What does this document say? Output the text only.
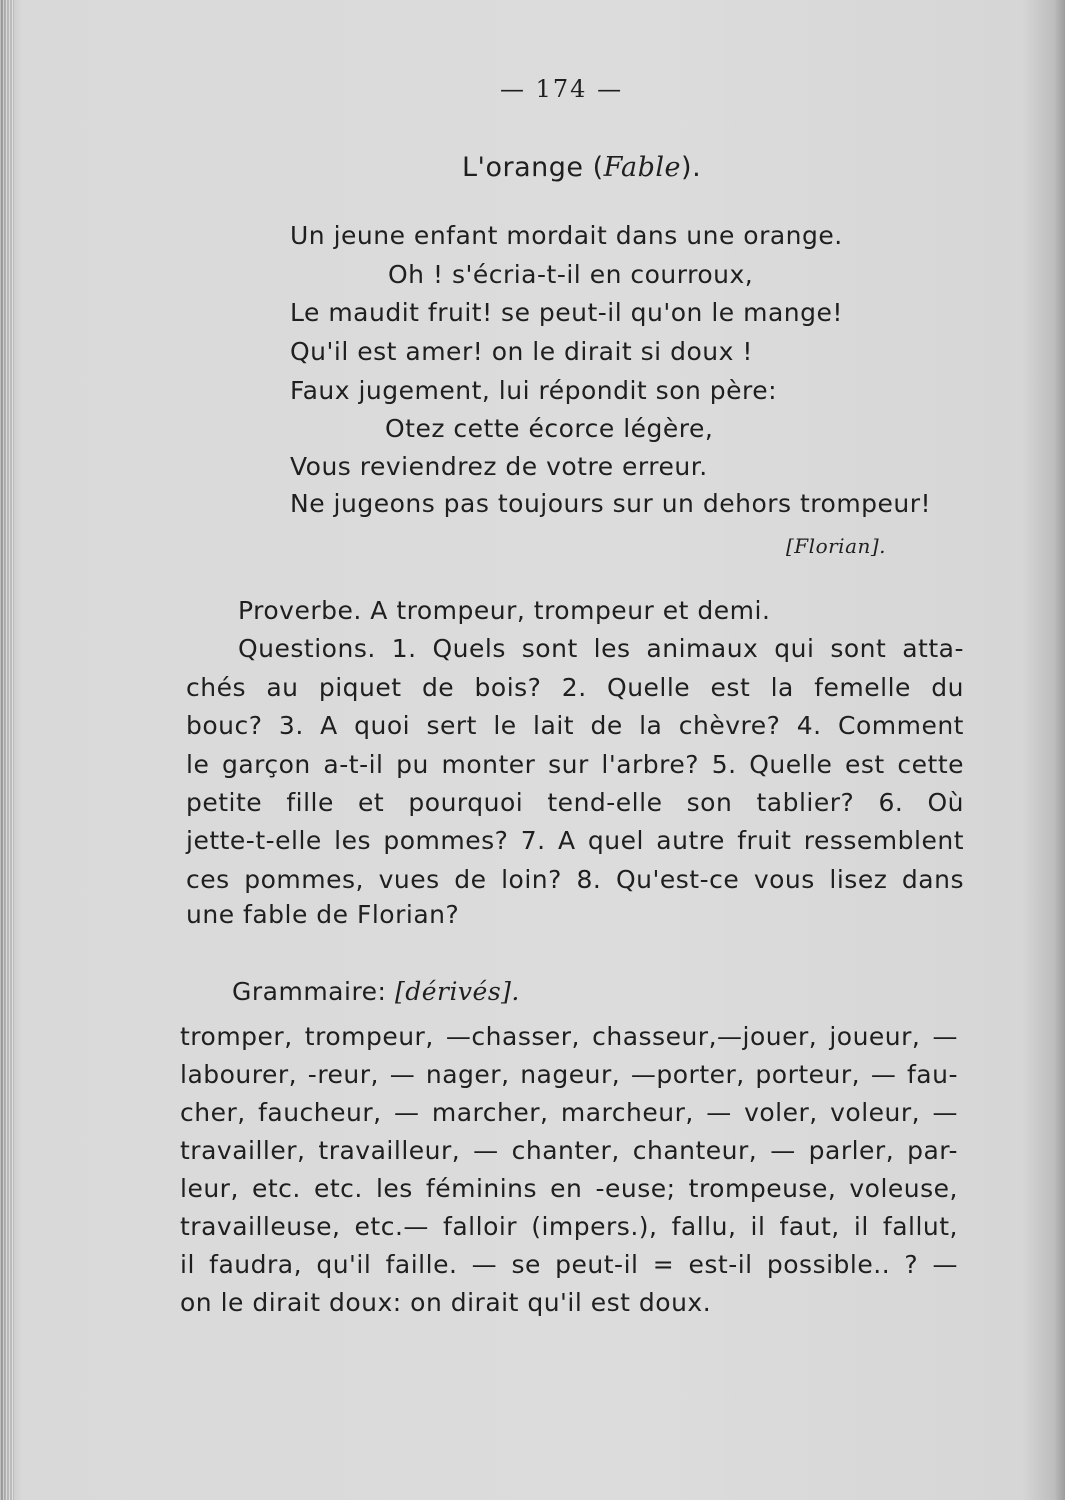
— 174 —
L'orange (Fable).
Un jeune enfant mordait dans une orange.
Oh ! s'écria-t-il en courroux,
Le maudit fruit! se peut-il qu'on le mange!
Qu'il est amer! on le dirait si doux !
Faux jugement, lui répondit son père:
Otez cette écorce légère,
Vous reviendrez de votre erreur.
Ne jugeons pas toujours sur un dehors trompeur!
[Florian].
Proverbe. A trompeur, trompeur et demi.
Questions. 1. Quels sont les animaux qui sont atta-
chés au piquet de bois? 2. Quelle est la femelle du
bouc? 3. A quoi sert le lait de la chèvre? 4. Comment
le garçon a-t-il pu monter sur l'arbre? 5. Quelle est cette
petite fille et pourquoi tend-elle son tablier? 6. Où
jette-t-elle les pommes? 7. A quel autre fruit ressemblent
ces pommes, vues de loin? 8. Qu'est-ce vous lisez dans
une fable de Florian?
Grammaire: [dérivés].
tromper, trompeur, —chasser, chasseur,—jouer, joueur, —
labourer, -reur, — nager, nageur, —porter, porteur, — fau-
cher, faucheur, — marcher, marcheur, — voler, voleur, —
travailler, travailleur, — chanter, chanteur, — parler, par-
leur, etc. etc. les féminins en -euse; trompeuse, voleuse,
travailleuse, etc.— falloir (impers.), fallu, il faut, il fallut,
il faudra, qu'il faille. — se peut-il = est-il possible.. ? —
on le dirait doux: on dirait qu'il est doux.
